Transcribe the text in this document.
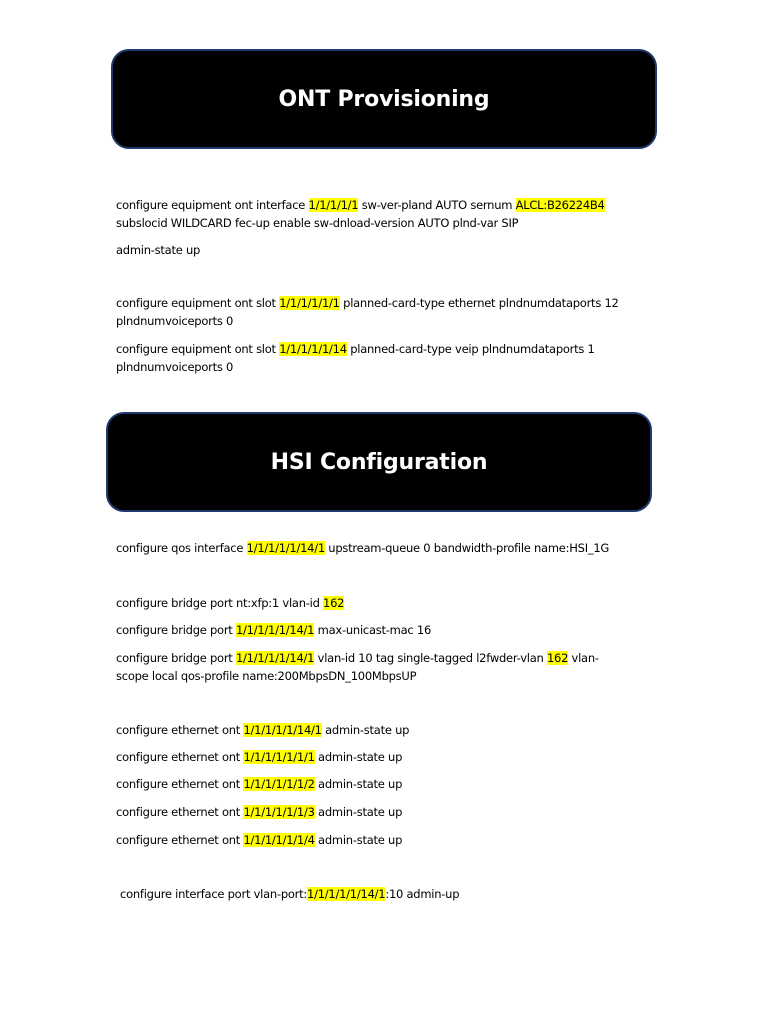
ONT Provisioning
configure equipment ont interface 1/1/1/1/1 sw-ver-pland AUTO sernum ALCL:B26224B4
subslocid WILDCARD fec-up enable sw-dnload-version AUTO plnd-var SIP
admin-state up
configure equipment ont slot 1/1/1/1/1/1 planned-card-type ethernet plndnumdataports 12
plndnumvoiceports 0
configure equipment ont slot 1/1/1/1/1/14 planned-card-type veip plndnumdataports 1
plndnumvoiceports 0
HSI Configuration
configure qos interface 1/1/1/1/1/14/1 upstream-queue 0 bandwidth-profile name:HSI_1G
configure bridge port nt:xfp:1 vlan-id 162
configure bridge port 1/1/1/1/1/14/1 max-unicast-mac 16
configure bridge port 1/1/1/1/1/14/1 vlan-id 10 tag single-tagged l2fwder-vlan 162 vlan-
scope local qos-profile name:200MbpsDN_100MbpsUP
configure ethernet ont 1/1/1/1/1/14/1 admin-state up
configure ethernet ont 1/1/1/1/1/1/1 admin-state up
configure ethernet ont 1/1/1/1/1/1/2 admin-state up
configure ethernet ont 1/1/1/1/1/1/3 admin-state up
configure ethernet ont 1/1/1/1/1/1/4 admin-state up
configure interface port vlan-port:1/1/1/1/1/14/1:10 admin-up
